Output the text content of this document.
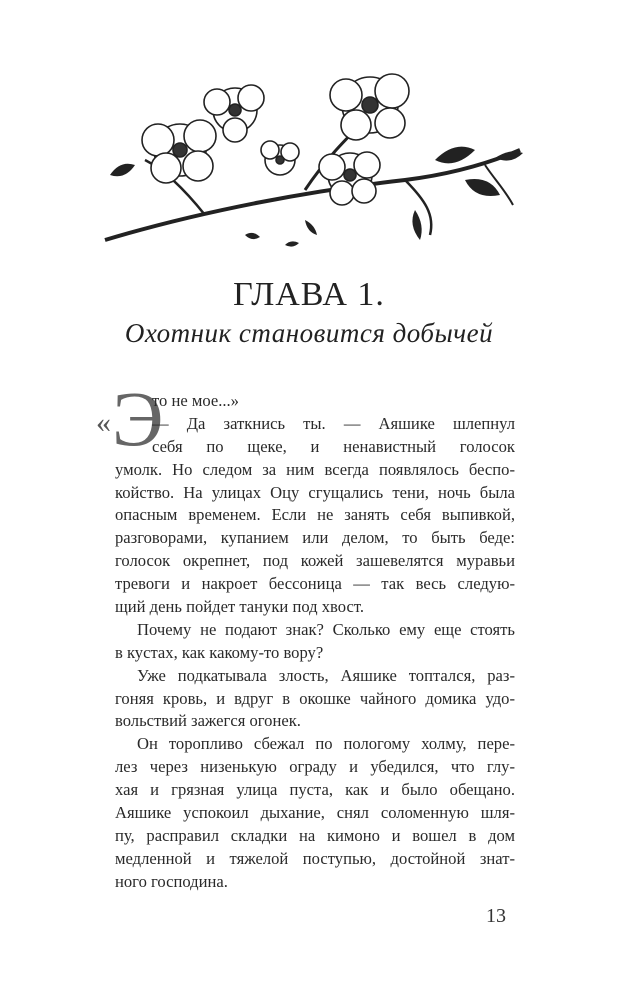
ГЛАВА 1.
Охотник становится добычей
« Э
то не мое...»
— Да заткнись ты. — Аяшике шлепнул
себя по щеке, и ненавистный голосок
умолк. Но следом за ним всегда появлялось беспо-
койство. На улицах Оцу сгущались тени, ночь была
опасным временем. Если не занять себя выпивкой,
разговорами, купанием или делом, то быть беде:
голосок окрепнет, под кожей зашевелятся муравьи
тревоги и накроет бессоница — так весь следую-
щий день пойдет тануки под хвост.
Почему не подают знак? Сколько ему еще стоять
в кустах, как какому-то вору?
Уже подкатывала злость, Аяшике топтался, раз-
гоняя кровь, и вдруг в окошке чайного домика удо-
вольствий зажегся огонек.
Он торопливо сбежал по пологому холму, пере-
лез через низенькую ограду и убедился, что глу-
хая и грязная улица пуста, как и было обещано.
Аяшике успокоил дыхание, снял соломенную шля-
пу, расправил складки на кимоно и вошел в дом
медленной и тяжелой поступью, достойной знат-
ного господина.
13
